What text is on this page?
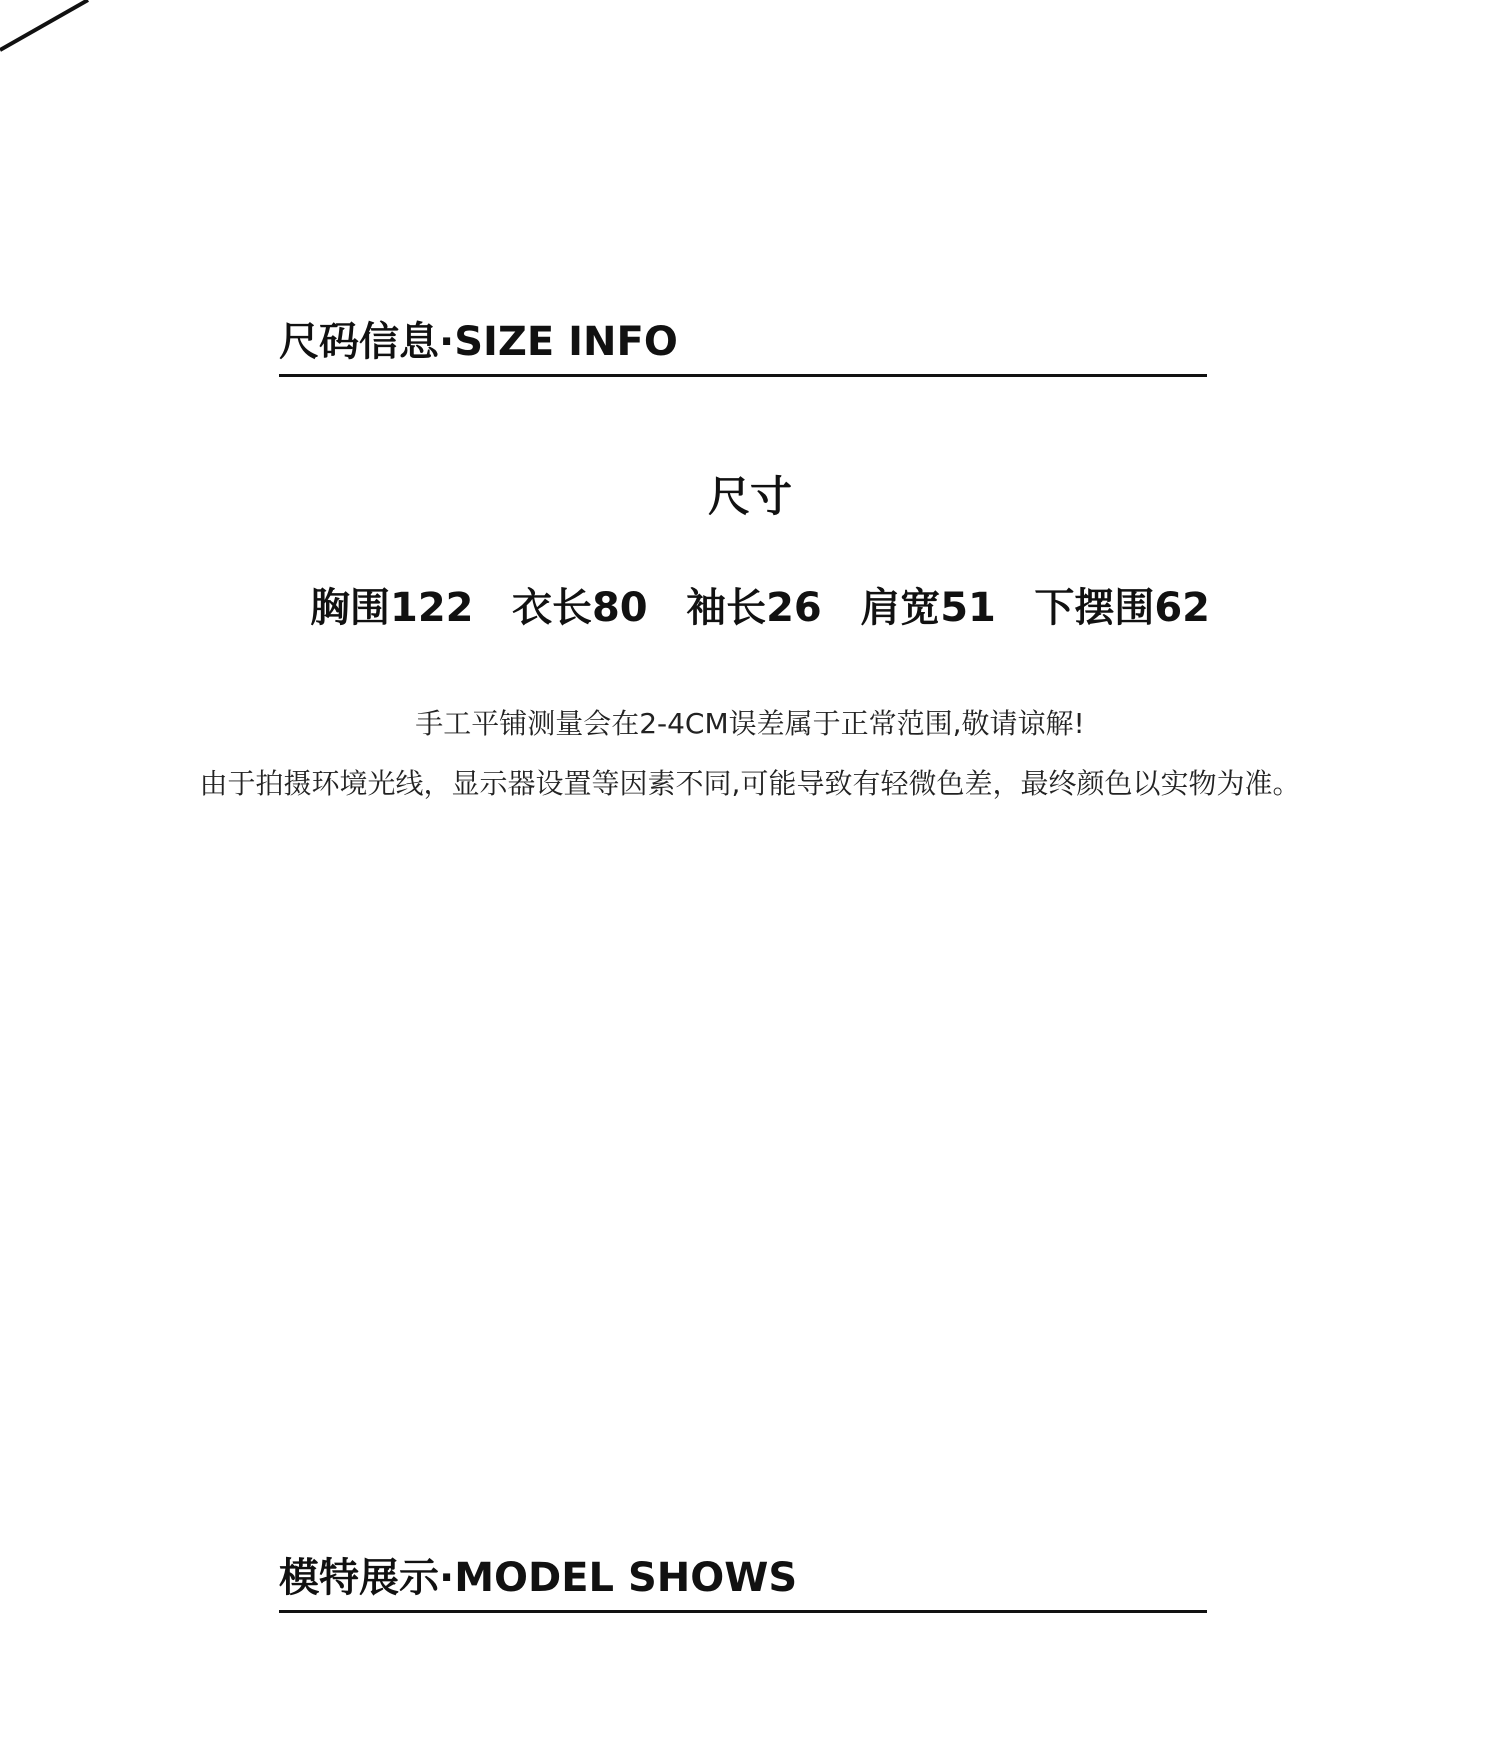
尺码信息·SIZE INFO
尺寸
胸围122 衣长80 袖长26 肩宽51 下摆围62
手工平铺测量会在2-4CM误差属于正常范围,敬请谅解!
由于拍摄环境光线，显示器设置等因素不同,可能导致有轻微色差，最终颜色以实物为准。
模特展示·MODEL SHOWS
